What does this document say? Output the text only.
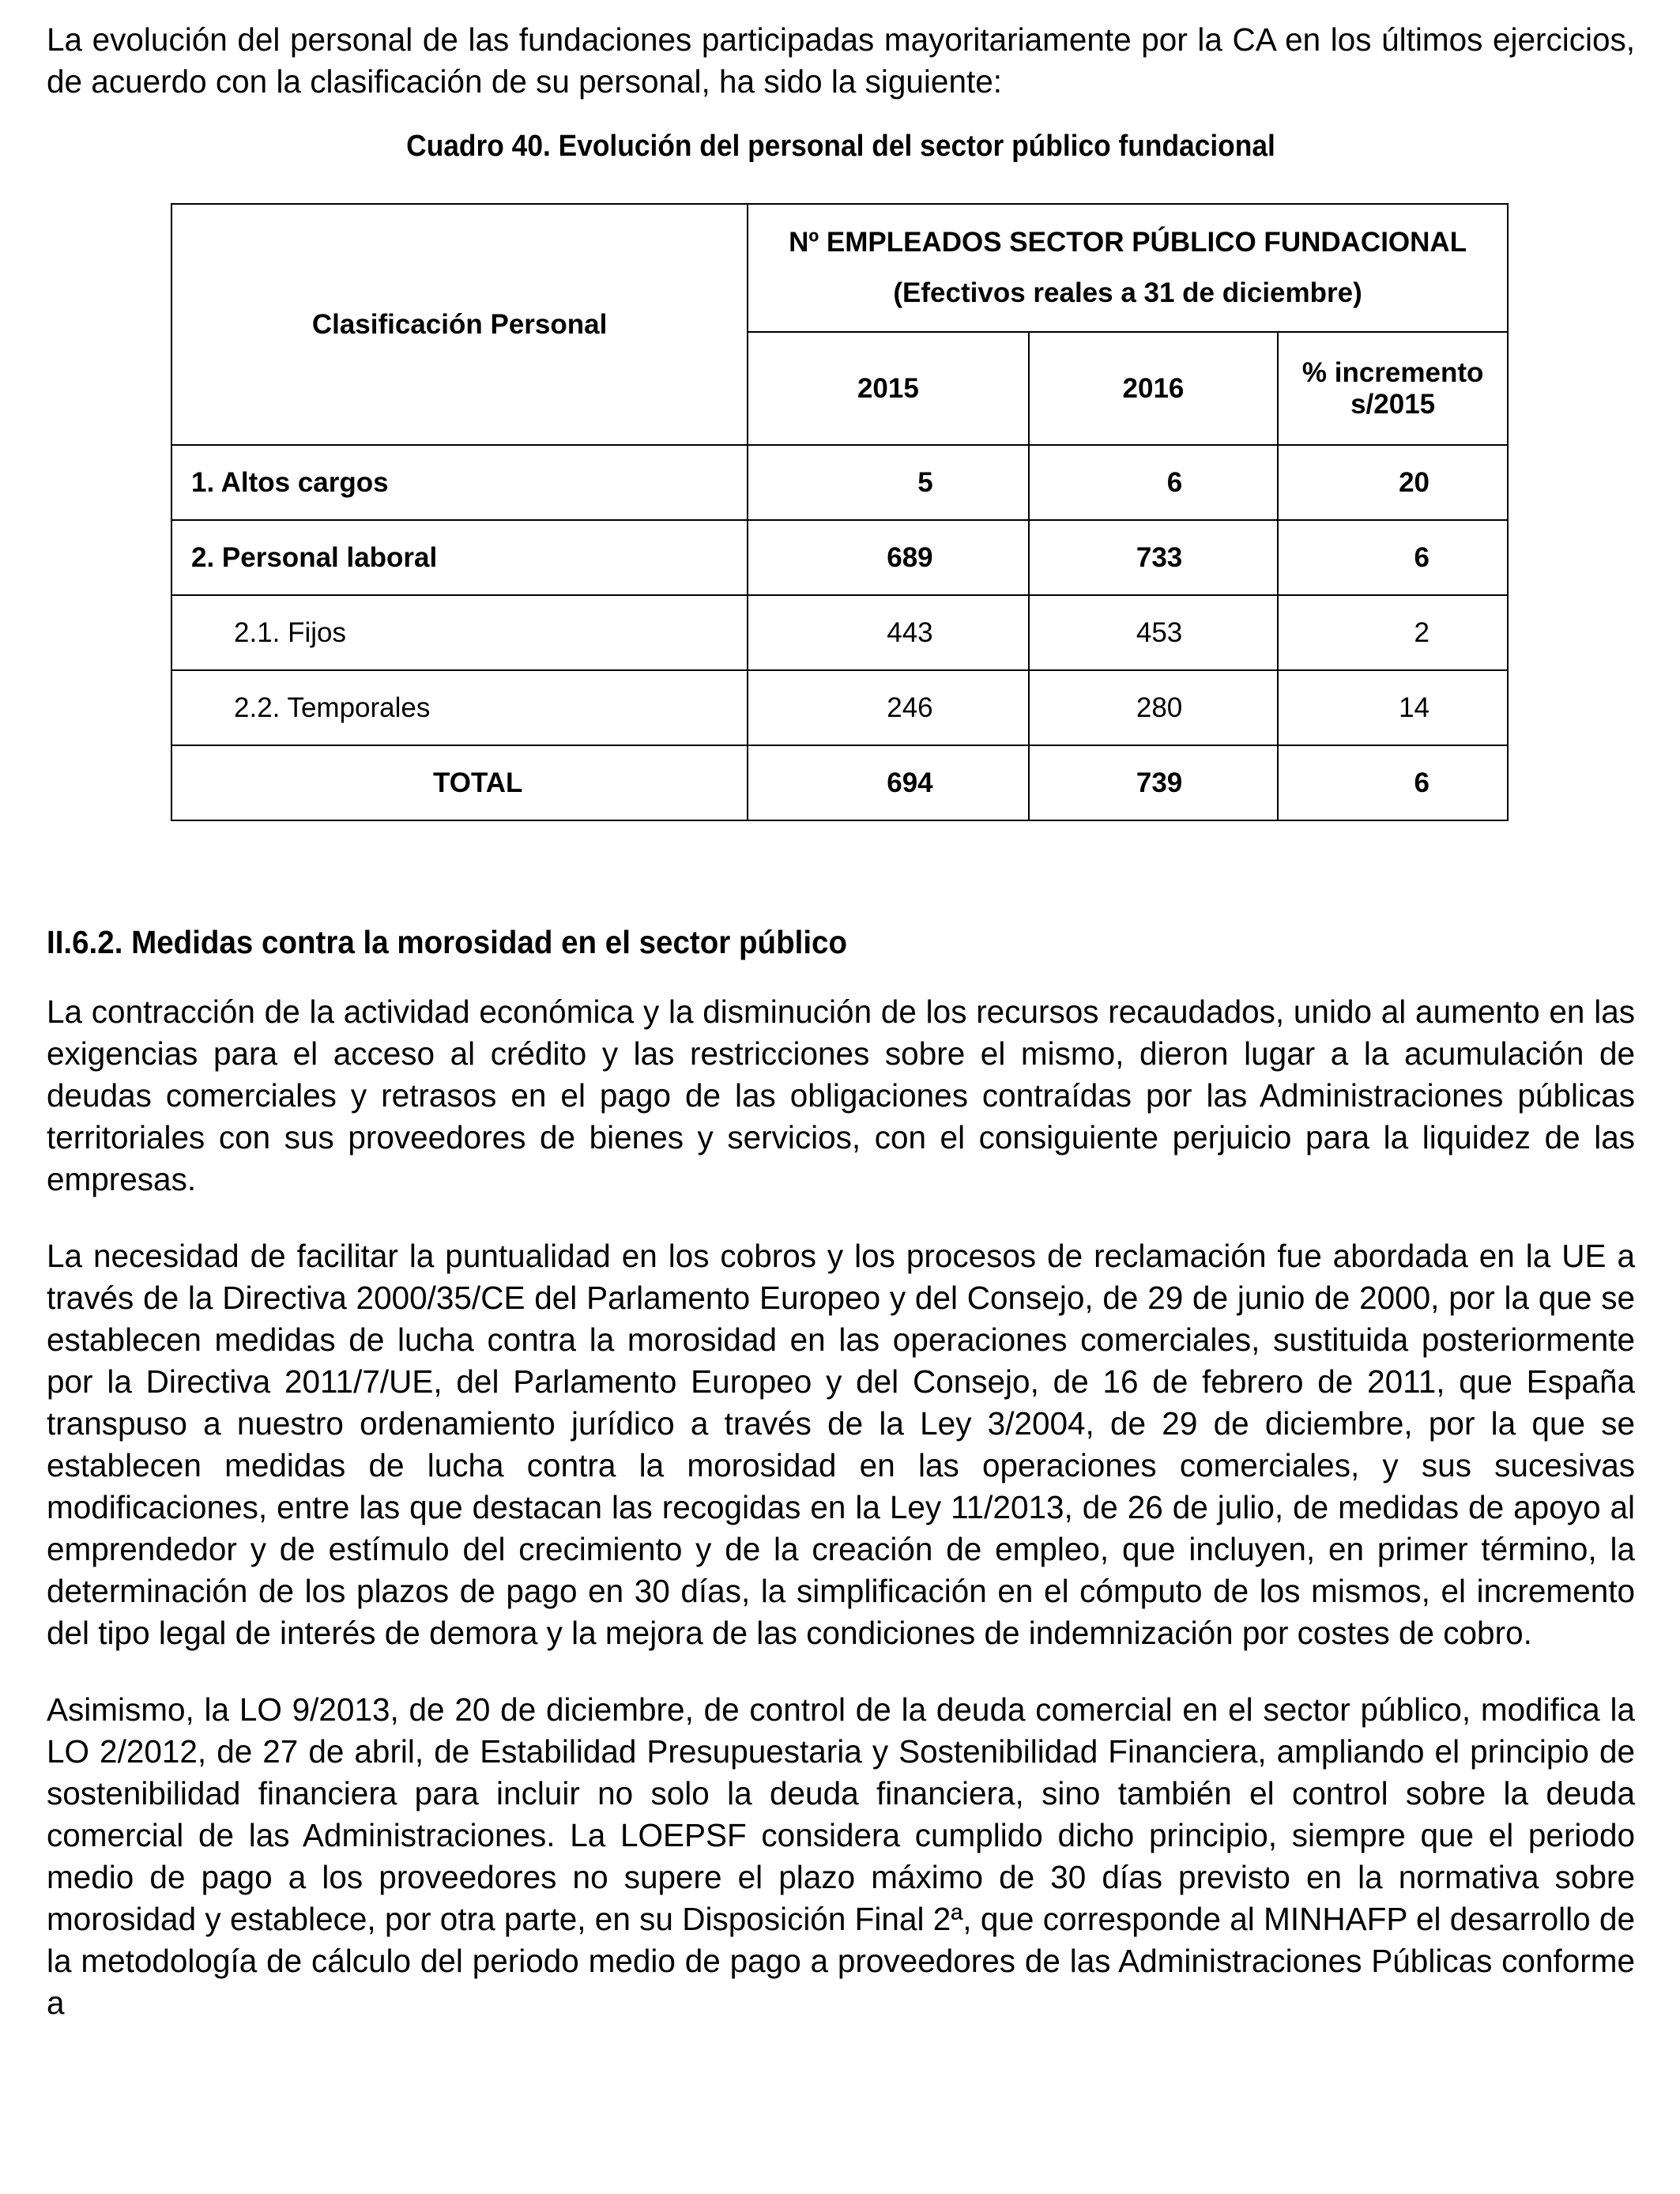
La evolución del personal de las fundaciones participadas mayoritariamente por la CA en los últimos ejercicios, de acuerdo con la clasificación de su personal, ha sido la siguiente:

Cuadro 40. Evolución del personal del sector público fundacional

Clasificación Personal	Nº EMPLEADOS SECTOR PÚBLICO FUNDACIONAL
(Efectivos reales a 31 de diciembre)		

	2015	2016	% incremento
s/2015

1. Altos cargos	5	6	20
2. Personal laboral	689	733	6
2.1. Fijos	443	453	2
2.2. Temporales	246	280	14
TOTAL	694	739	6
II.6.2. Medidas contra la morosidad en el sector público

La contracción de la actividad económica y la disminución de los recursos recaudados, unido al aumento en las exigencias para el acceso al crédito y las restricciones sobre el mismo, dieron lugar a la acumulación de deudas comerciales y retrasos en el pago de las obligaciones contraídas por las Administraciones públicas territoriales con sus proveedores de bienes y servicios, con el consiguiente perjuicio para la liquidez de las empresas.

La necesidad de facilitar la puntualidad en los cobros y los procesos de reclamación fue abordada en la UE a través de la Directiva 2000/35/CE del Parlamento Europeo y del Consejo, de 29 de junio de 2000, por la que se establecen medidas de lucha contra la morosidad en las operaciones comerciales, sustituida posteriormente por la Directiva 2011/7/UE, del Parlamento Europeo y del Consejo, de 16 de febrero de 2011, que España transpuso a nuestro ordenamiento jurídico a través de la Ley 3/2004, de 29 de diciembre, por la que se establecen medidas de lucha contra la morosidad en las operaciones comerciales, y sus sucesivas modificaciones, entre las que destacan las recogidas en la Ley 11/2013, de 26 de julio, de medidas de apoyo al emprendedor y de estímulo del crecimiento y de la creación de empleo, que incluyen, en primer término, la determinación de los plazos de pago en 30 días, la simplificación en el cómputo de los mismos, el incremento del tipo legal de interés de demora y la mejora de las condiciones de indemnización por costes de cobro.

Asimismo, la LO 9/2013, de 20 de diciembre, de control de la deuda comercial en el sector público, modifica la LO 2/2012, de 27 de abril, de Estabilidad Presupuestaria y Sostenibilidad Financiera, ampliando el principio de sostenibilidad financiera para incluir no solo la deuda financiera, sino también el control sobre la deuda comercial de las Administraciones. La LOEPSF considera cumplido dicho principio, siempre que el periodo medio de pago a los proveedores no supere el plazo máximo de 30 días previsto en la normativa sobre morosidad y establece, por otra parte, en su Disposición Final 2ª, que corresponde al MINHAFP el desarrollo de la metodología de cálculo del periodo medio de pago a proveedores de las Administraciones Públicas conforme a
